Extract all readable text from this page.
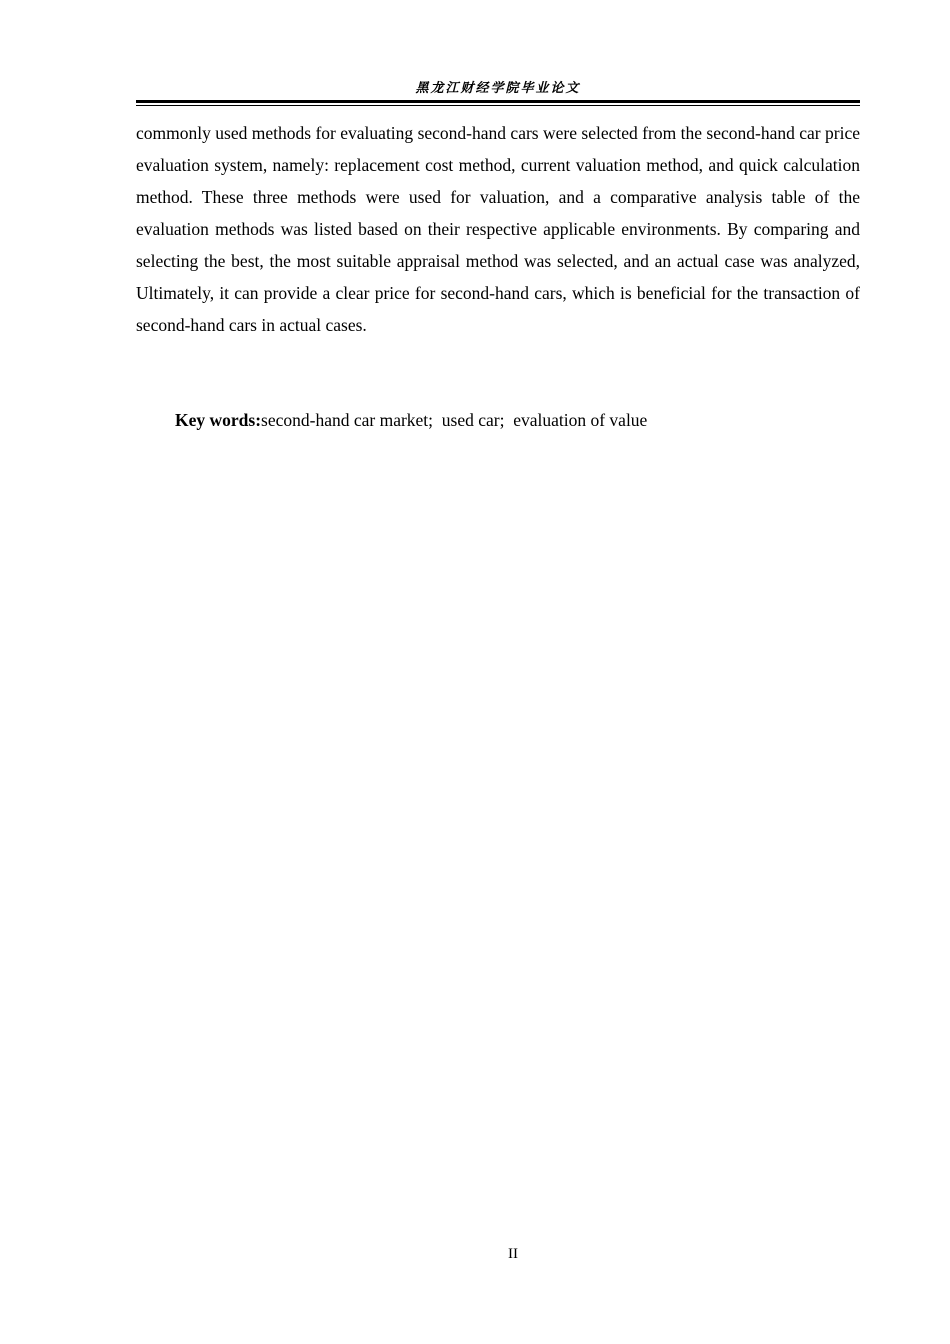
黑龙江财经学院毕业论文

commonly used methods for evaluating second-hand cars were selected from the second-hand car price evaluation system, namely: replacement cost method, current valuation method, and quick calculation method. These three methods were used for valuation, and a comparative analysis table of the evaluation methods was listed based on their respective applicable environments. By comparing and selecting the best, the most suitable appraisal method was selected, and an actual case was analyzed, Ultimately, it can provide a clear price for second-hand cars, which is beneficial for the transaction of second-hand cars in actual cases.

Key words:second-hand car market;  used car;  evaluation of value
II
